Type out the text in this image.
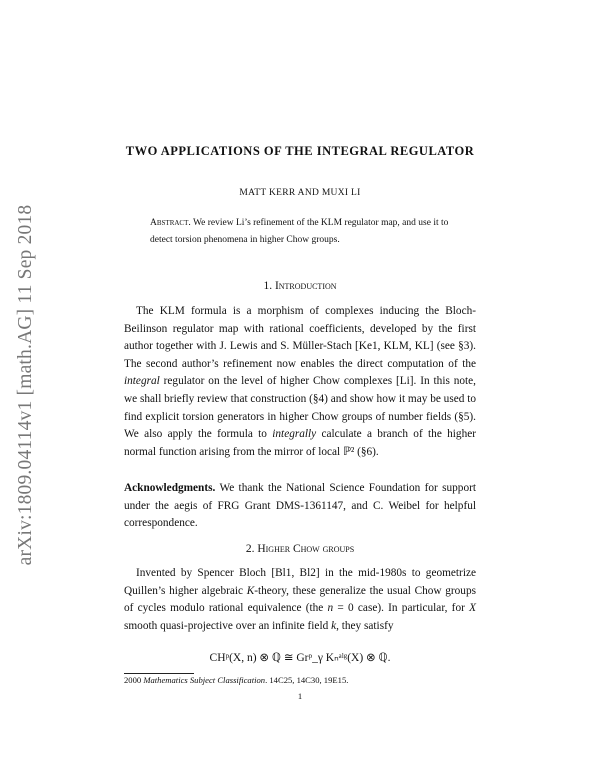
arXiv:1809.04114v1 [math.AG] 11 Sep 2018
TWO APPLICATIONS OF THE INTEGRAL REGULATOR
MATT KERR AND MUXI LI
Abstract. We review Li’s refinement of the KLM regulator map, and use it to detect torsion phenomena in higher Chow groups.
1. Introduction
The KLM formula is a morphism of complexes inducing the Bloch-Beilinson regulator map with rational coefficients, developed by the first author together with J. Lewis and S. Müller-Stach [Ke1, KLM, KL] (see §3). The second author’s refinement now enables the direct computation of the integral regulator on the level of higher Chow complexes [Li]. In this note, we shall briefly review that construction (§4) and show how it may be used to find explicit torsion generators in higher Chow groups of number fields (§5). We also apply the formula to integrally calculate a branch of the higher normal function arising from the mirror of local ℙ² (§6).
Acknowledgments. We thank the National Science Foundation for support under the aegis of FRG Grant DMS-1361147, and C. Weibel for helpful correspondence.
2. Higher Chow groups
Invented by Spencer Bloch [Bl1, Bl2] in the mid-1980s to geometrize Quillen’s higher algebraic K-theory, these generalize the usual Chow groups of cycles modulo rational equivalence (the n = 0 case). In particular, for X smooth quasi-projective over an infinite field k, they satisfy
CHᵖ(X, n) ⊗ ℚ ≅ Grᵖ_γ Kₙᵃˡᵍ(X) ⊗ ℚ.
2000 Mathematics Subject Classification. 14C25, 14C30, 19E15.
1
